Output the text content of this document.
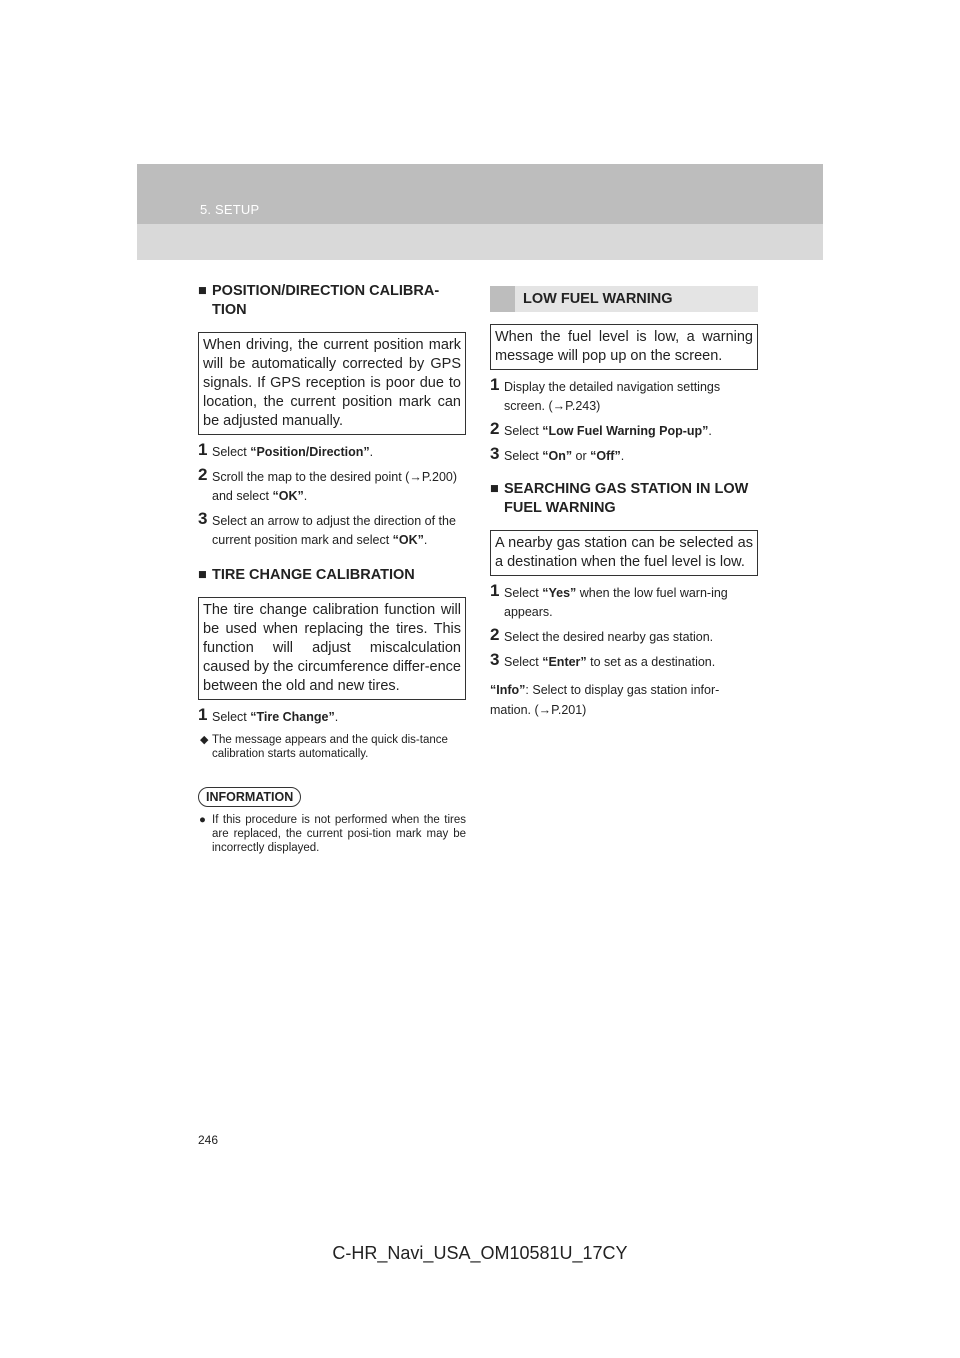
5. SETUP
■ POSITION/DIRECTION CALIBRA-TION
When driving, the current position mark will be automatically corrected by GPS signals. If GPS reception is poor due to location, the current position mark can be adjusted manually.
1 Select “Position/Direction”.
2 Scroll the map to the desired point (→P.200) and select “OK”.
3 Select an arrow to adjust the direction of the current position mark and select “OK”.
■ TIRE CHANGE CALIBRATION
The tire change calibration function will be used when replacing the tires. This function will adjust miscalculation caused by the circumference differ-ence between the old and new tires.
1 Select “Tire Change”.
◆ The message appears and the quick dis-tance calibration starts automatically.
INFORMATION
● If this procedure is not performed when the tires are replaced, the current posi-tion mark may be incorrectly displayed.
LOW FUEL WARNING
When the fuel level is low, a warning message will pop up on the screen.
1 Display the detailed navigation settings screen. (→P.243)
2 Select “Low Fuel Warning Pop-up”.
3 Select “On” or “Off”.
■ SEARCHING GAS STATION IN LOW FUEL WARNING
A nearby gas station can be selected as a destination when the fuel level is low.
1 Select “Yes” when the low fuel warn-ing appears.
2 Select the desired nearby gas station.
3 Select “Enter” to set as a destination.
“Info”: Select to display gas station infor-mation. (→P.201)
246
C-HR_Navi_USA_OM10581U_17CY
